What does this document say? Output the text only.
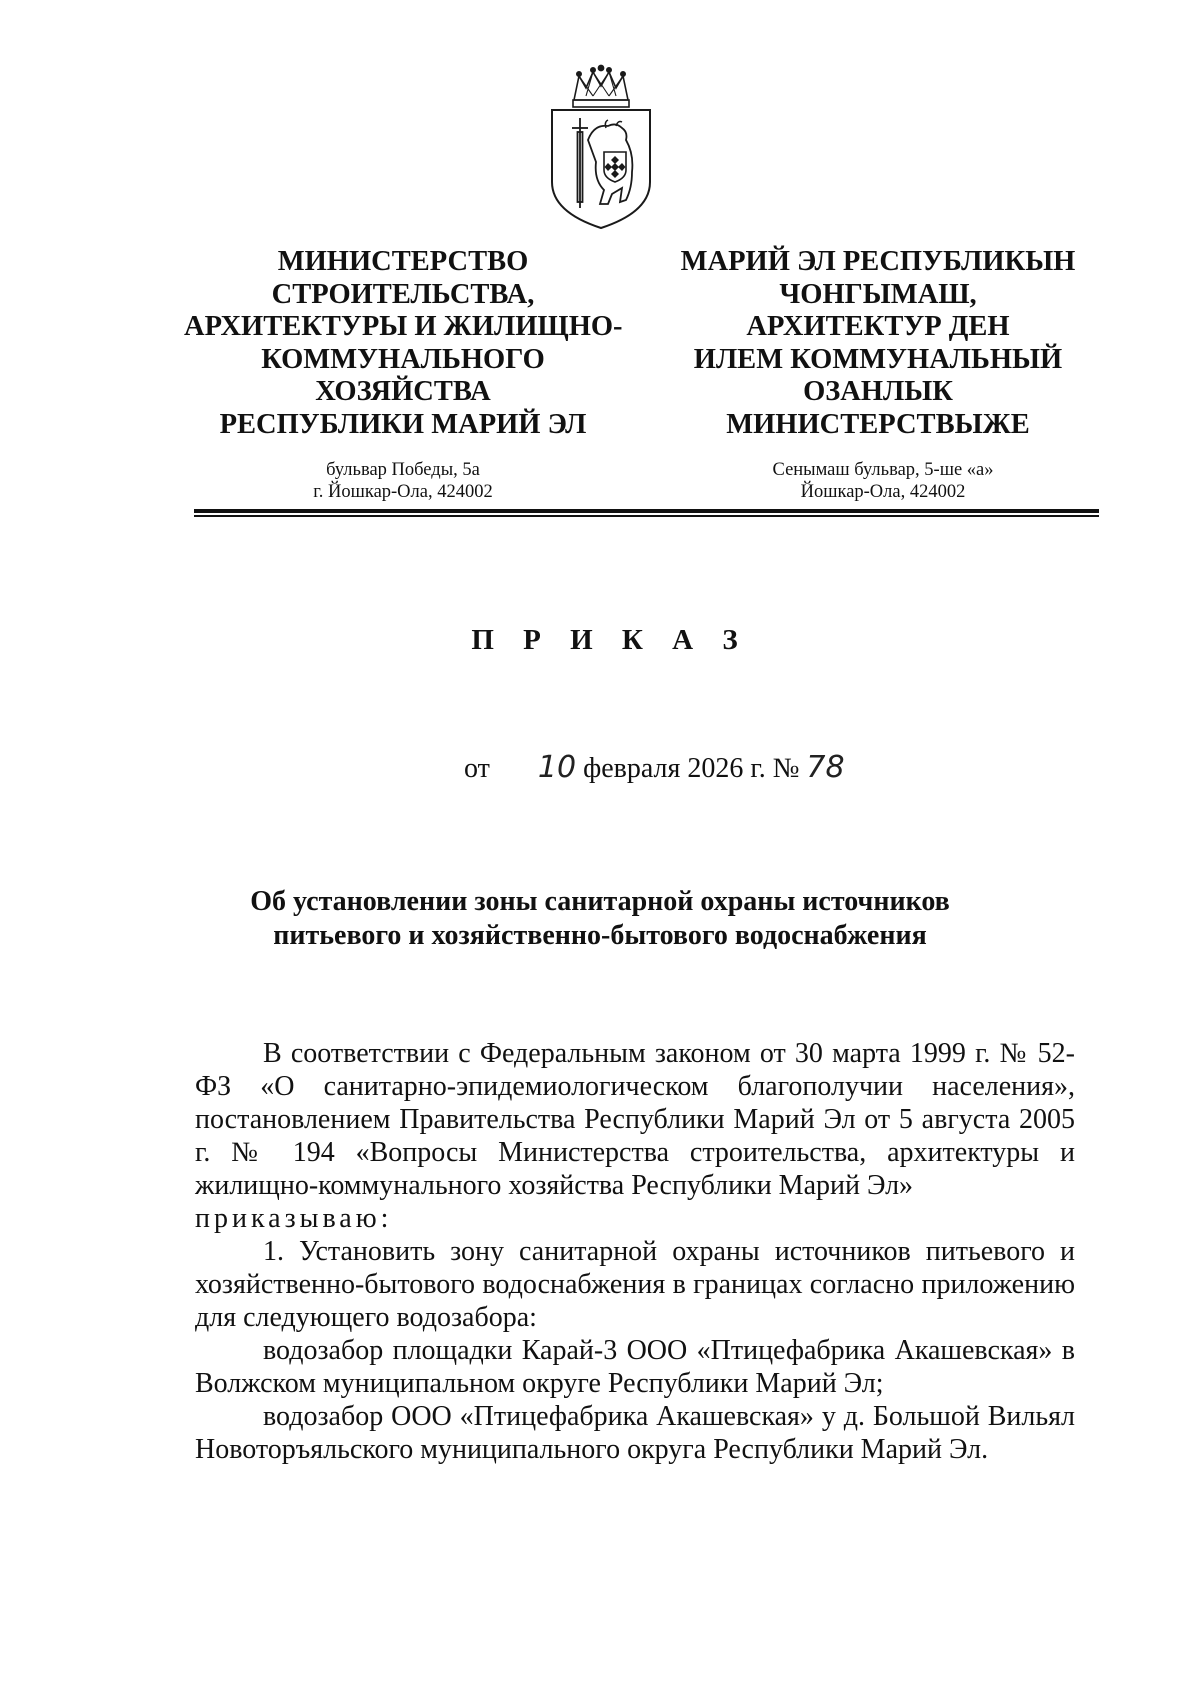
МИНИСТЕРСТВО
СТРОИТЕЛЬСТВА,
АРХИТЕКТУРЫ И ЖИЛИЩНО-
КОММУНАЛЬНОГО
ХОЗЯЙСТВА
РЕСПУБЛИКИ МАРИЙ ЭЛ
МАРИЙ ЭЛ РЕСПУБЛИКЫН
ЧОНГЫМАШ,
АРХИТЕКТУР ДЕН
ИЛЕМ КОММУНАЛЬНЫЙ
ОЗАНЛЫК
МИНИСТЕРСТВЫЖЕ
бульвар Победы, 5а
г. Йошкар-Ола, 424002
Сенымаш бульвар, 5-ше «а»
Йошкар-Ола, 424002
П Р И К А З
от 10 февраля 2026 г. № 78
Об установлении зоны санитарной охраны источников
питьевого и хозяйственно-бытового водоснабжения

В соответствии с Федеральным законом от 30 марта 1999 г. № 52-ФЗ «О санитарно-эпидемиологическом благополучии населения», постановлением Правительства Республики Марий Эл от 5 августа 2005 г. № 194 «Вопросы Министерства строительства, архитектуры и жилищно-коммунального хозяйства Республики Марий Эл»

приказываю:

1. Установить зону санитарной охраны источников питьевого и хозяйственно-бытового водоснабжения в границах согласно приложению для следующего водозабора:

водозабор площадки Карай-3 ООО «Птицефабрика Акашевская» в Волжском муниципальном округе Республики Марий Эл;

водозабор ООО «Птицефабрика Акашевская» у д. Большой Вильял Новоторъяльского муниципального округа Республики Марий Эл.
